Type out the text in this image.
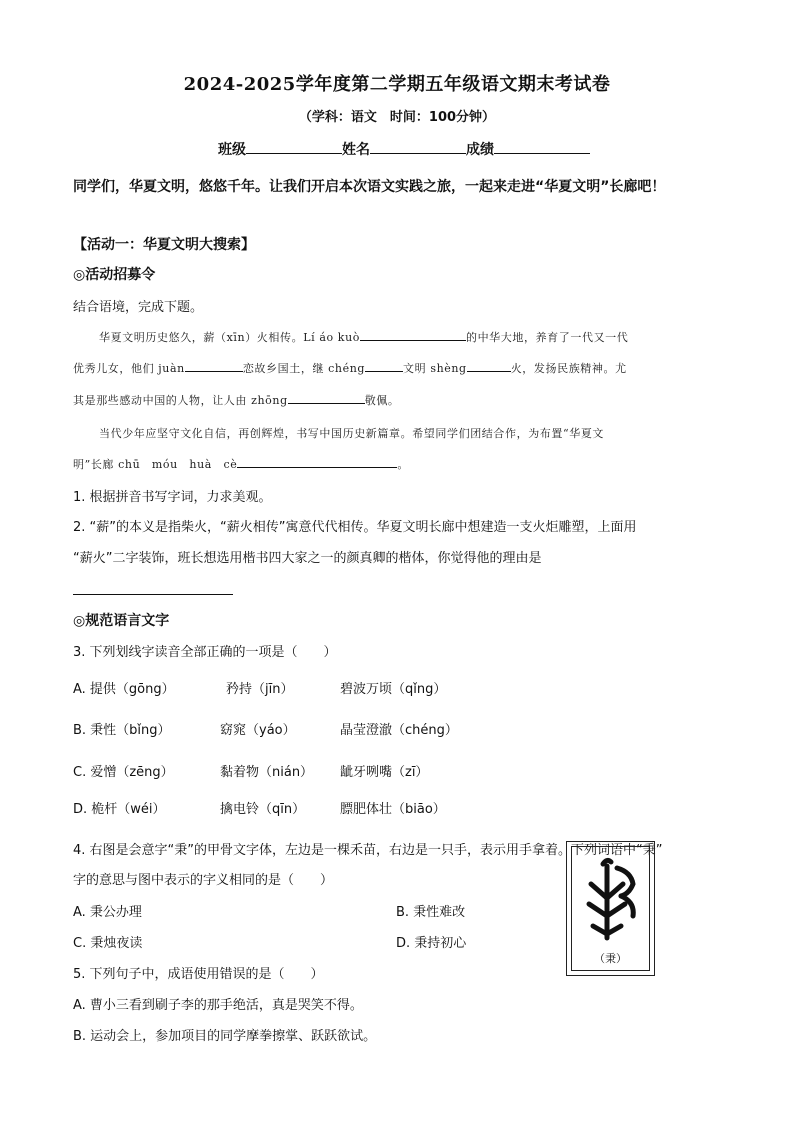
2024-2025学年度第二学期五年级语文期末考试卷
（学科：语文　时间：100分钟）
班级	姓名	成绩
同学们，华夏文明，悠悠千年。让我们开启本次语文实践之旅，一起来走进“华夏文明”长廊吧！
【活动一：华夏文明大搜索】
◎活动招募令
结合语境，完成下题。
华夏文明历史悠久，薪（xīn）火相传。Lí áo kuò	的中华大地，养育了一代又一代
优秀儿女，他们 juàn	恋故乡国土，继 chéng	文明 shèng	火，发扬民族精神。尤
其是那些感动中国的人物，让人由 zhōng	敬佩。
当代少年应坚守文化自信，再创辉煌，书写中国历史新篇章。希望同学们团结合作，为布置“华夏文
明”长廊 chū　móu　huà　cè	。
1. 根据拼音书写字词，力求美观。
2. “薪”的本义是指柴火，“薪火相传”寓意代代相传。华夏文明长廊中想建造一支火炬雕塑，上面用
“薪火”二字装饰，班长想选用楷书四大家之一的颜真卿的楷体，你觉得他的理由是
◎规范语言文字
3. 下列划线字读音全部正确的一项是（　　）
A. 提供（gōng）	矜持（jīn）	碧波万顷（qǐng）
B. 秉性（bǐng）	窈窕（yáo）	晶莹澄澈（chéng）
C. 爱憎（zēng）	黏着物（nián） 龇牙咧嘴（zī）
D. 桅杆（wéi）	擒电铃（qīn）	膘肥体壮（biāo）
4. 右图是会意字“秉”的甲骨文字体，左边是一棵禾苗，右边是一只手，表示用手拿着。下列词语中“秉”
字的意思与图中表示的字义相同的是（　　）
A. 秉公办理	B. 秉性难改
C. 秉烛夜读	D. 秉持初心
（秉）
5. 下列句子中，成语使用错误的是（　　）
A. 曹小三看到刷子李的那手绝活，真是哭笑不得。
B. 运动会上，参加项目的同学摩拳擦掌、跃跃欲试。
